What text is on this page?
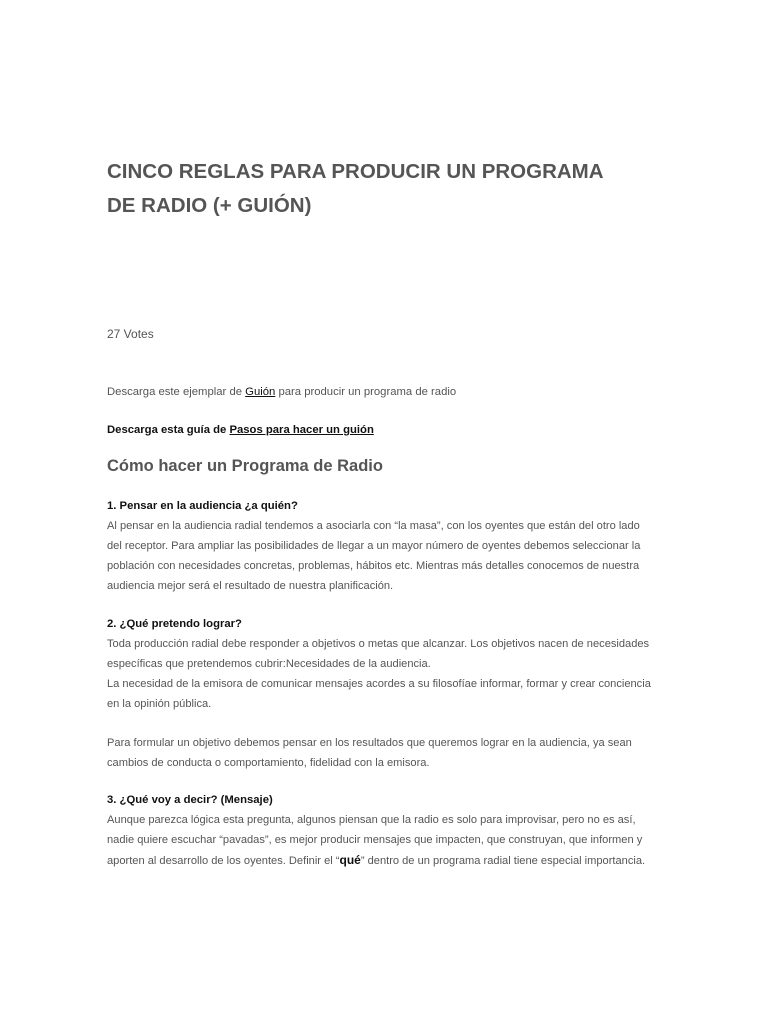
CINCO REGLAS PARA PRODUCIR UN PROGRAMA
DE RADIO (+ GUIÓN)
27 Votes
Descarga este ejemplar de Guión para producir un programa de radio
Descarga esta guía de Pasos para hacer un guión
Cómo hacer un Programa de Radio
1. Pensar en la audiencia ¿a quién?

Al pensar en la audiencia radial tendemos a asociarla con “la masa”, con los oyentes que están del otro lado
del receptor. Para ampliar las posibilidades de llegar a un mayor número de oyentes debemos seleccionar la
población con necesidades concretas, problemas, hábitos etc. Mientras más detalles conocemos de nuestra
audiencia mejor será el resultado de nuestra planificación.

2. ¿Qué pretendo lograr?

Toda producción radial debe responder a objetivos o metas que alcanzar. Los objetivos nacen de necesidades
específicas que pretendemos cubrir:Necesidades de la audiencia.
La necesidad de la emisora de comunicar mensajes acordes a su filosofíae informar, formar y crear conciencia
en la opinión pública.

Para formular un objetivo debemos pensar en los resultados que queremos lograr en la audiencia, ya sean
cambios de conducta o comportamiento, fidelidad con la emisora.

3. ¿Qué voy a decir? (Mensaje)

Aunque parezca lógica esta pregunta, algunos piensan que la radio es solo para improvisar, pero no es así,
nadie quiere escuchar “pavadas”, es mejor producir mensajes que impacten, que construyan, que informen y
aporten al desarrollo de los oyentes. Definir el “qué” dentro de un programa radial tiene especial importancia.
